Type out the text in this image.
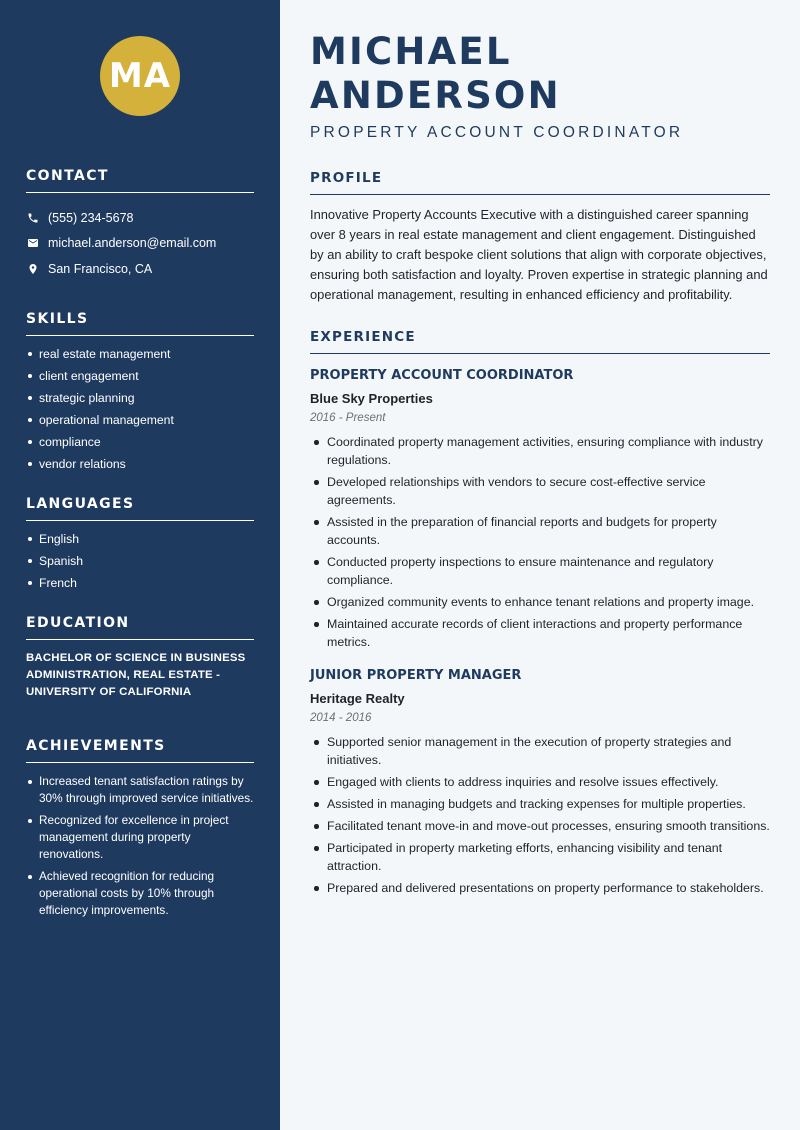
MA
CONTACT
(555) 234-5678
michael.anderson@email.com
San Francisco, CA
SKILLS
real estate management
client engagement
strategic planning
operational management
compliance
vendor relations
LANGUAGES
English
Spanish
French
EDUCATION

BACHELOR OF SCIENCE IN BUSINESS ADMINISTRATION, REAL ESTATE - UNIVERSITY OF CALIFORNIA

ACHIEVEMENTS
Increased tenant satisfaction ratings by 30% through improved service initiatives.
Recognized for excellence in project management during property renovations.
Achieved recognition for reducing operational costs by 10% through efficiency improvements.
MICHAEL ANDERSON
PROPERTY ACCOUNT COORDINATOR
PROFILE

Innovative Property Accounts Executive with a distinguished career spanning over 8 years in real estate management and client engagement. Distinguished by an ability to craft bespoke client solutions that align with corporate objectives, ensuring both satisfaction and loyalty. Proven expertise in strategic planning and operational management, resulting in enhanced efficiency and profitability.

EXPERIENCE
PROPERTY ACCOUNT COORDINATOR
Blue Sky Properties
2016 - Present
Coordinated property management activities, ensuring compliance with industry regulations.
Developed relationships with vendors to secure cost-effective service agreements.
Assisted in the preparation of financial reports and budgets for property accounts.
Conducted property inspections to ensure maintenance and regulatory compliance.
Organized community events to enhance tenant relations and property image.
Maintained accurate records of client interactions and property performance metrics.
JUNIOR PROPERTY MANAGER
Heritage Realty
2014 - 2016
Supported senior management in the execution of property strategies and initiatives.
Engaged with clients to address inquiries and resolve issues effectively.
Assisted in managing budgets and tracking expenses for multiple properties.
Facilitated tenant move-in and move-out processes, ensuring smooth transitions.
Participated in property marketing efforts, enhancing visibility and tenant attraction.
Prepared and delivered presentations on property performance to stakeholders.
